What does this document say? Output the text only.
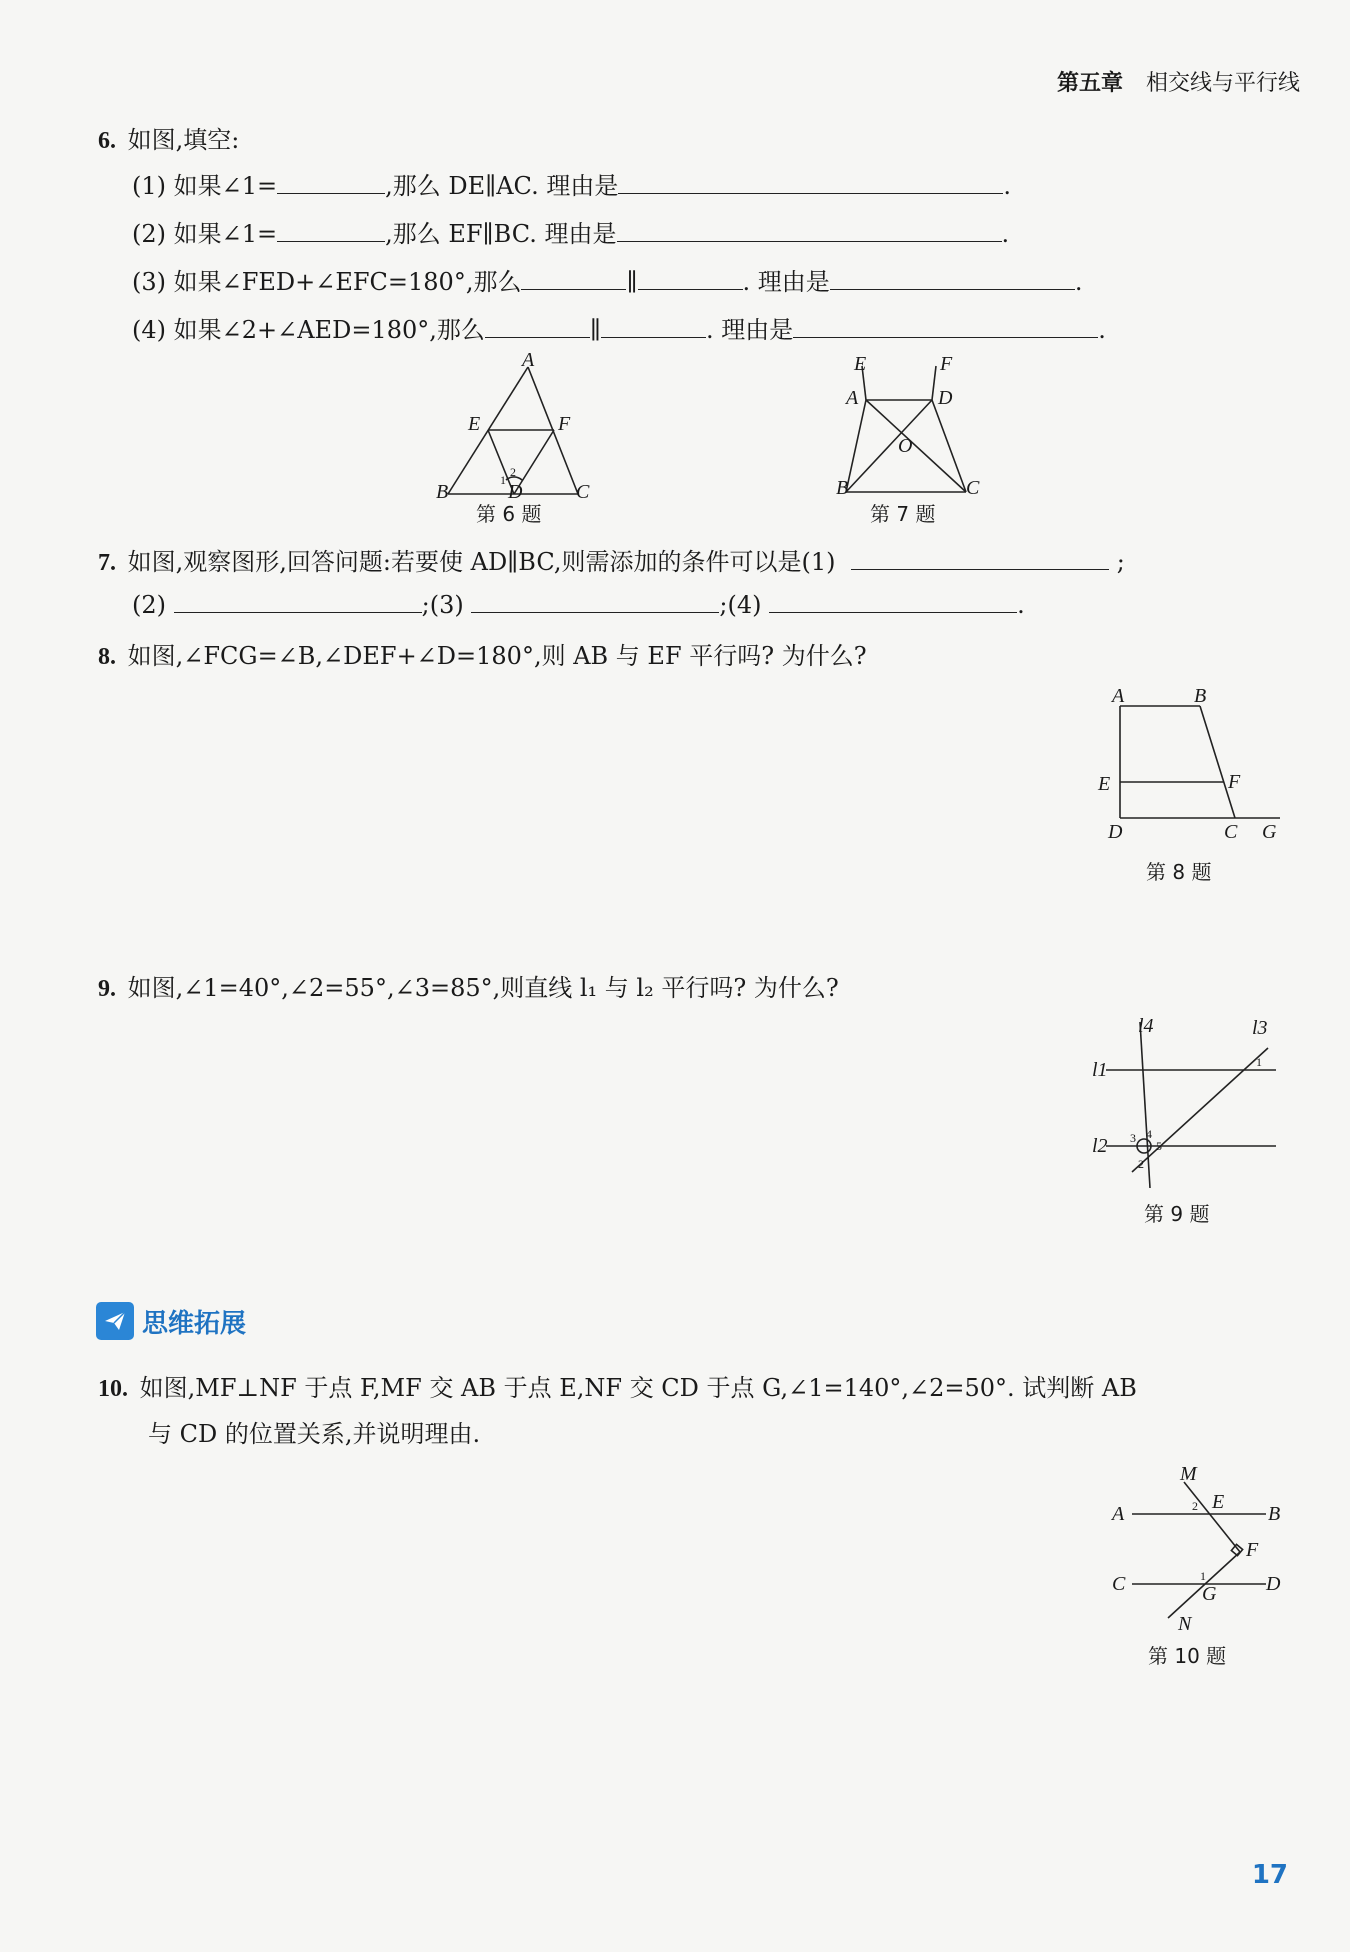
第五章 相交线与平行线
6. 如图,填空:
(1) 如果∠1=	,那么 DE∥AC. 理由是	.
(2) 如果∠1=	,那么 EF∥BC. 理由是	.
(3) 如果∠FED+∠EFC=180°,那么	∥	. 理由是	.
(4) 如果∠2+∠AED=180°,那么	∥	. 理由是	.
A
E	F
B	D	C
1
2
第 6 题
E	F
A	D
O
B	C
第 7 题
7. 如图,观察图形,回答问题:若要使 AD∥BC,则需添加的条件可以是(1)	;
(2)	;(3)	;(4)	.
8. 如图,∠FCG=∠B,∠DEF+∠D=180°,则 AB 与 EF 平行吗? 为什么?
A	B
E	F
D	C G
第 8 题
9. 如图,∠1=40°,∠2=55°,∠3=85°,则直线 l₁ 与 l₂ 平行吗? 为什么?
l4	l3
l1
l2
1
2
3 4
5
第 9 题
思维拓展
10. 如图,MF⊥NF 于点 F,MF 交 AB 于点 E,NF 交 CD 于点 G,∠1=140°,∠2=50°. 试判断 AB
与 CD 的位置关系,并说明理由.
M
E
A	B
F
C	G D
N
1
2
第 10 题
17
